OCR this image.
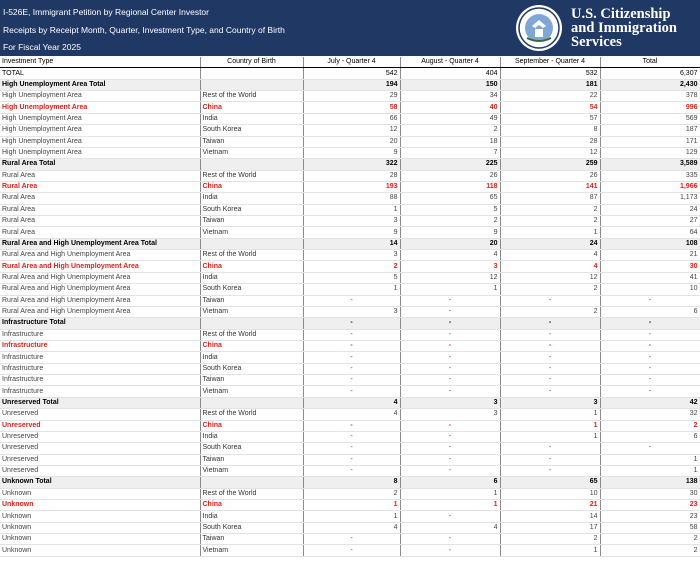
I-526E, Immigrant Petition by Regional Center Investor
Receipts by Receipt Month, Quarter, Investment Type, and Country of Birth
For Fiscal Year 2025
U.S. Citizenship
and Immigration
Services
Investment Type	Country of Birth	July - Quarter 4	August - Quarter 4	September - Quarter 4	Total
TOTAL		542	404	532	6,307
High Unemployment Area Total		194	150	181	2,430
High Unemployment Area	Rest of the World	29	34	22	378
High Unemployment Area	China	58	40	54	996
High Unemployment Area	India	66	49	57	569
High Unemployment Area	South Korea	12	2	8	187
High Unemployment Area	Taiwan	20	18	28	171
High Unemployment Area	Vietnam	9	7	12	129
Rural Area Total		322	225	259	3,589
Rural Area	Rest of the World	28	26	26	335
Rural Area	China	193	118	141	1,966
Rural Area	India	88	65	87	1,173
Rural Area	South Korea	1	5	2	24
Rural Area	Taiwan	3	2	2	27
Rural Area	Vietnam	9	9	1	64
Rural Area and High Unemployment Area Total		14	20	24	108
Rural Area and High Unemployment Area	Rest of the World	3	4	4	21
Rural Area and High Unemployment Area	China	2	3	4	30
Rural Area and High Unemployment Area	India	5	12	12	41
Rural Area and High Unemployment Area	South Korea	1	1	2	10
Rural Area and High Unemployment Area	Taiwan	-	-	-	-
Rural Area and High Unemployment Area	Vietnam	3	-	2	6
Infrastructure Total		-	-	-	-
Infrastructure	Rest of the World	-	-	-	-
Infrastructure	China	-	-	-	-
Infrastructure	India	-	-	-	-
Infrastructure	South Korea	-	-	-	-
Infrastructure	Taiwan	-	-	-	-
Infrastructure	Vietnam	-	-	-	-
Unreserved Total		4	3	3	42
Unreserved	Rest of the World	4	3	1	32
Unreserved	China	-	-	1	2
Unreserved	India	-	-	1	6
Unreserved	South Korea	-	-	-	-
Unreserved	Taiwan	-	-	-	1
Unreserved	Vietnam	-	-	-	1
Unknown Total		8	6	65	138
Unknown	Rest of the World	2	1	10	30
Unknown	China	1	1	21	23
Unknown	India	1	-	14	23
Unknown	South Korea	4	4	17	58
Unknown	Taiwan	-	-	2	2
Unknown	Vietnam	-	-	1	2
